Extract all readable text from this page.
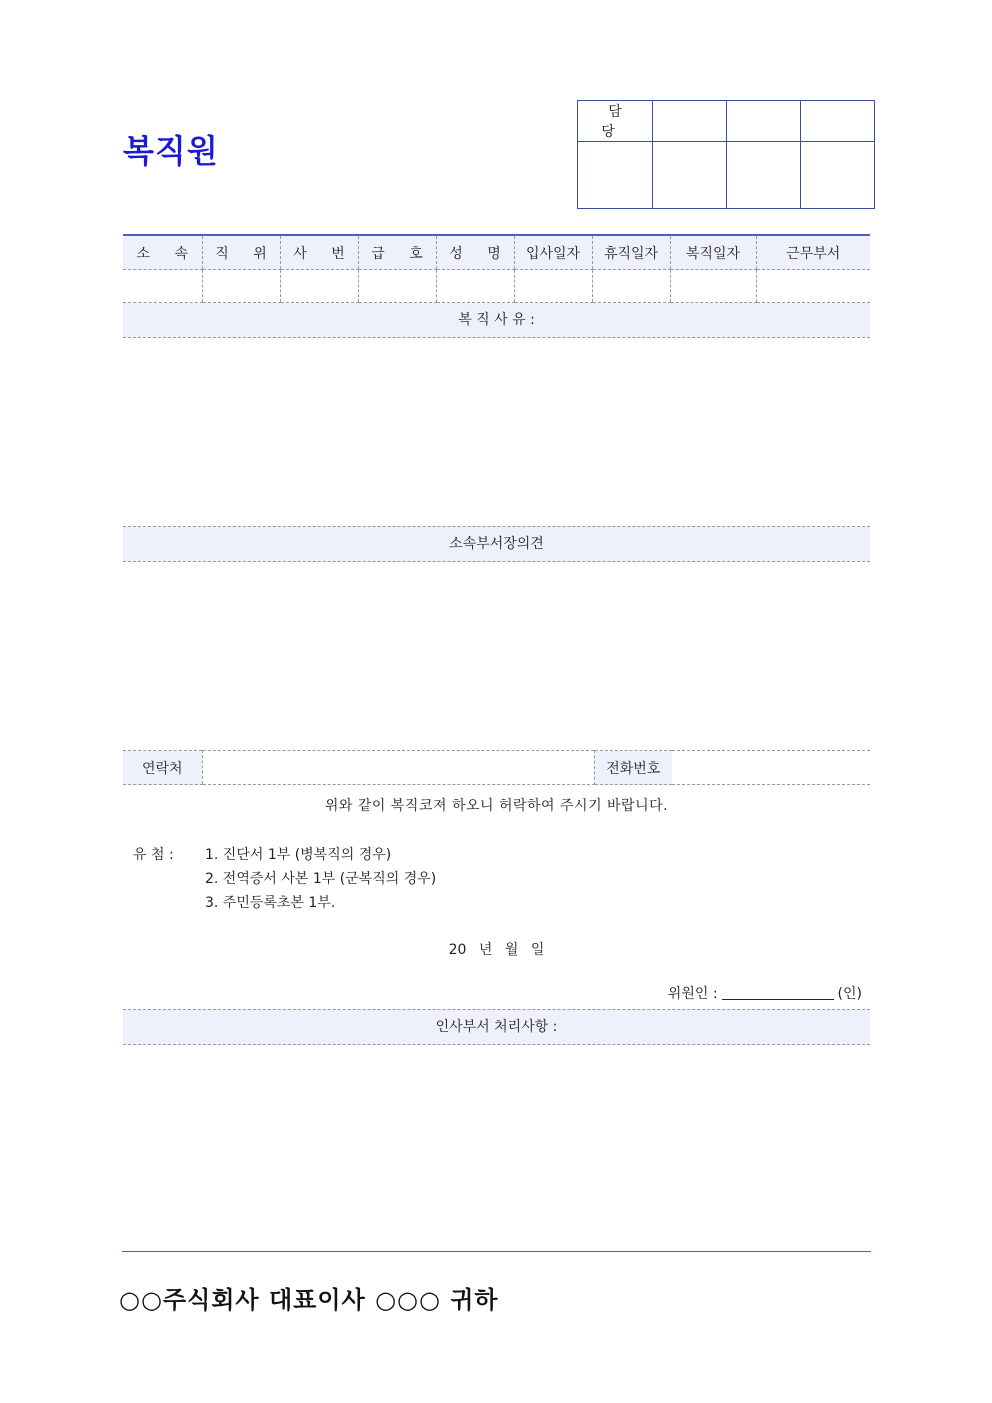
복직원
담 당			

소 속	직 위	사 번	급 호	성 명	입사일자	휴직일자	복직일자	근무부서

복 직 사 유 :
소속부서장의견
연락처		전화번호	
위와 같이 복직코져 하오니 허락하여 주시기 바랍니다.
유 첨 :	1. 진단서 1부 (병복직의 경우)
2. 전역증서 사본 1부 (군복직의 경우)
3. 주민등록초본 1부.
20 년 월 일
위원인 :	(인)
인사부서 처리사항 :

○○주식회사 대표이사 ○○○ 귀하
